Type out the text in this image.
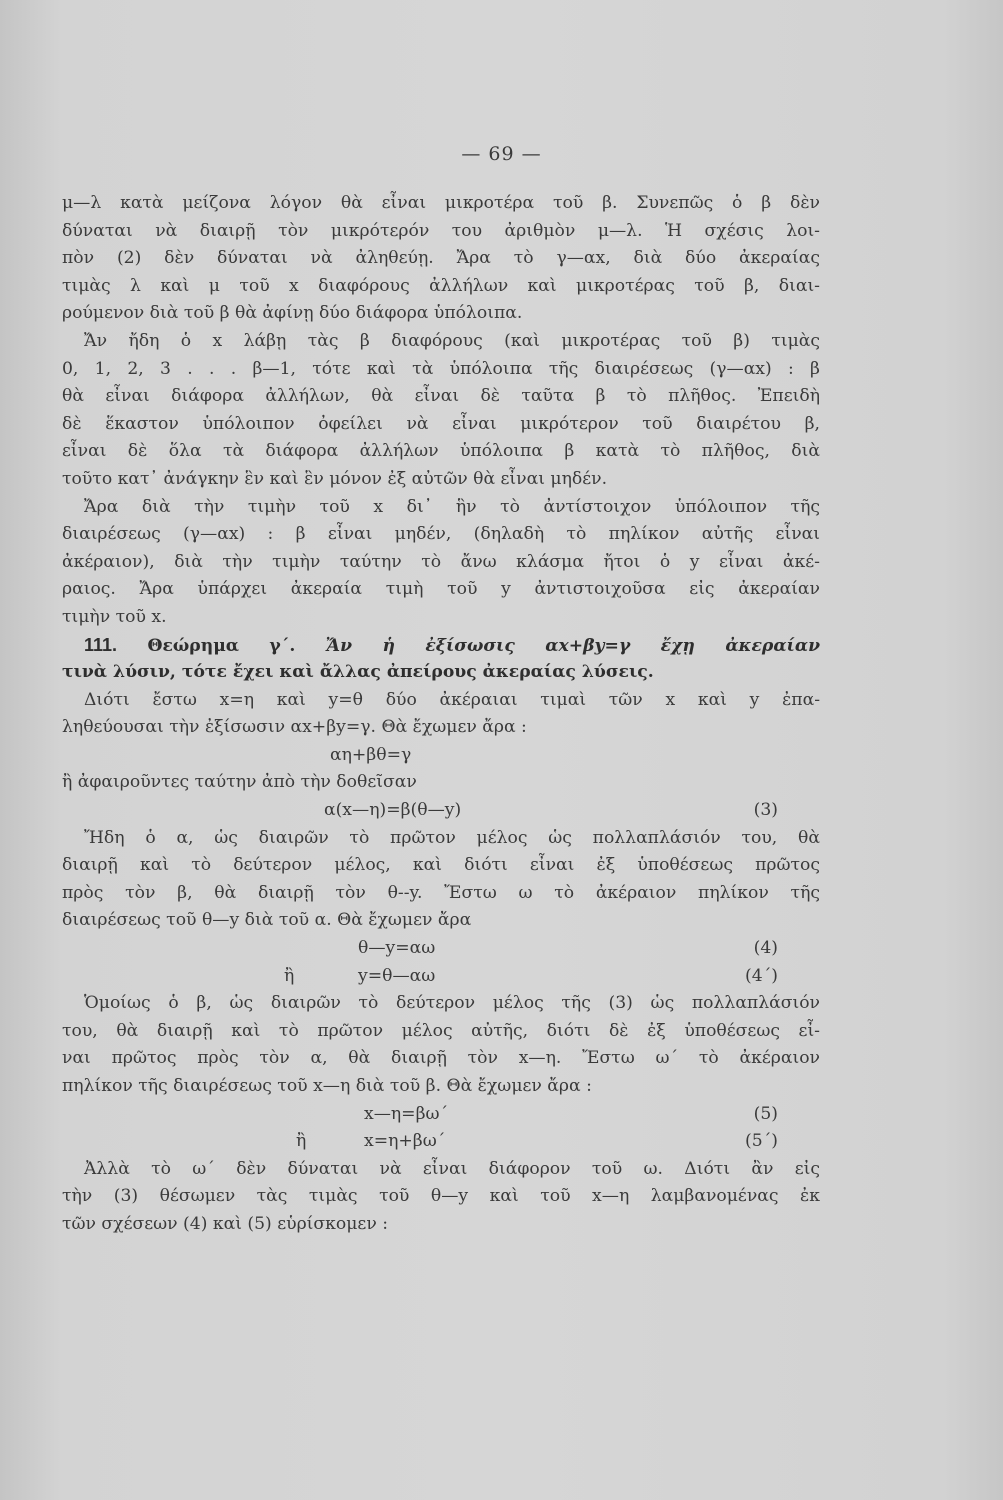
— 69 —
μ—λ κατὰ μείζονα λόγον θὰ εἶναι μικροτέρα τοῦ β. Συνεπῶς ὁ β δὲν
δύναται νὰ διαιρῇ τὸν μικρότερόν του ἀριθμὸν μ—λ. Ἡ σχέσις λοι-
πὸν (2) δὲν δύναται νὰ ἀληθεύῃ. Ἄρα τὸ γ—αx, διὰ δύο ἀκεραίας
τιμὰς λ καὶ μ τοῦ x διαφόρους ἀλλήλων καὶ μικροτέρας τοῦ β, διαι-
ρούμενον διὰ τοῦ β θὰ ἀφίνῃ δύο διάφορα ὑπόλοιπα.
Ἄν ἤδη ὁ x λάβῃ τὰς β διαφόρους (καὶ μικροτέρας τοῦ β) τιμὰς
0, 1, 2, 3 . . . β—1, τότε καὶ τὰ ὑπόλοιπα τῆς διαιρέσεως (γ—αx) : β
θὰ εἶναι διάφορα ἀλλήλων, θὰ εἶναι δὲ ταῦτα β τὸ πλῆθος. Ἐπειδὴ
δὲ ἕκαστον ὑπόλοιπον ὀφείλει νὰ εἶναι μικρότερον τοῦ διαιρέτου β,
εἶναι δὲ ὅλα τὰ διάφορα ἀλλήλων ὑπόλοιπα β κατὰ τὸ πλῆθος, διὰ
τοῦτο κατ᾽ ἀνάγκην ἓν καὶ ἓν μόνον ἐξ αὐτῶν θὰ εἶναι μηδέν.
Ἄρα διὰ τὴν τιμὴν τοῦ x δι᾽ ἣν τὸ ἀντίστοιχον ὑπόλοιπον τῆς
διαιρέσεως (γ—αx) : β εἶναι μηδέν, (δηλαδὴ τὸ πηλίκον αὐτῆς εἶναι
ἀκέραιον), διὰ τὴν τιμὴν ταύτην τὸ ἄνω κλάσμα ἤτοι ὁ y εἶναι ἀκέ-
ραιος. Ἄρα ὑπάρχει ἀκεραία τιμὴ τοῦ y ἀντιστοιχοῦσα εἰς ἀκεραίαν
τιμὴν τοῦ x.
111. Θεώρημα γ΄. Ἄν ἡ ἐξίσωσις αx+βy=γ ἔχῃ ἀκεραίαν
τινὰ λύσιν, τότε ἔχει καὶ ἄλλας ἀπείρους ἀκεραίας λύσεις.
Διότι ἔστω x=η καὶ y=θ δύο ἀκέραιαι τιμαὶ τῶν x καὶ y ἐπα-
ληθεύουσαι τὴν ἐξίσωσιν αx+βy=γ. Θὰ ἔχωμεν ἄρα :
αη+βθ=γ
ἢ ἀφαιροῦντες ταύτην ἀπὸ τὴν δοθεῖσαν
α(x—η)=β(θ—y)	(3)
Ἤδη ὁ α, ὡς διαιρῶν τὸ πρῶτον μέλος ὡς πολλαπλάσιόν του, θὰ
διαιρῇ καὶ τὸ δεύτερον μέλος, καὶ διότι εἶναι ἐξ ὑποθέσεως πρῶτος
πρὸς τὸν β, θὰ διαιρῇ τὸν θ--y. Ἔστω ω τὸ ἀκέραιον πηλίκον τῆς
διαιρέσεως τοῦ θ—y διὰ τοῦ α. Θὰ ἔχωμεν ἄρα
θ—y=αω	(4)
ἢ	y=θ—αω	(4΄)
Ὁμοίως ὁ β, ὡς διαιρῶν τὸ δεύτερον μέλος τῆς (3) ὡς πολλαπλάσιόν
του, θὰ διαιρῇ καὶ τὸ πρῶτον μέλος αὐτῆς, διότι δὲ ἐξ ὑποθέσεως εἶ-
ναι πρῶτος πρὸς τὸν α, θὰ διαιρῇ τὸν x—η. Ἔστω ω΄ τὸ ἀκέραιον
πηλίκον τῆς διαιρέσεως τοῦ x—η διὰ τοῦ β. Θὰ ἔχωμεν ἄρα :
x—η=βω΄	(5)
ἢ	x=η+βω΄	(5΄)
Ἀλλὰ τὸ ω΄ δὲν δύναται νὰ εἶναι διάφορον τοῦ ω. Διότι ἂν εἰς
τὴν (3) θέσωμεν τὰς τιμὰς τοῦ θ—y καὶ τοῦ x—η λαμβανομένας ἐκ
τῶν σχέσεων (4) καὶ (5) εὑρίσκομεν :
